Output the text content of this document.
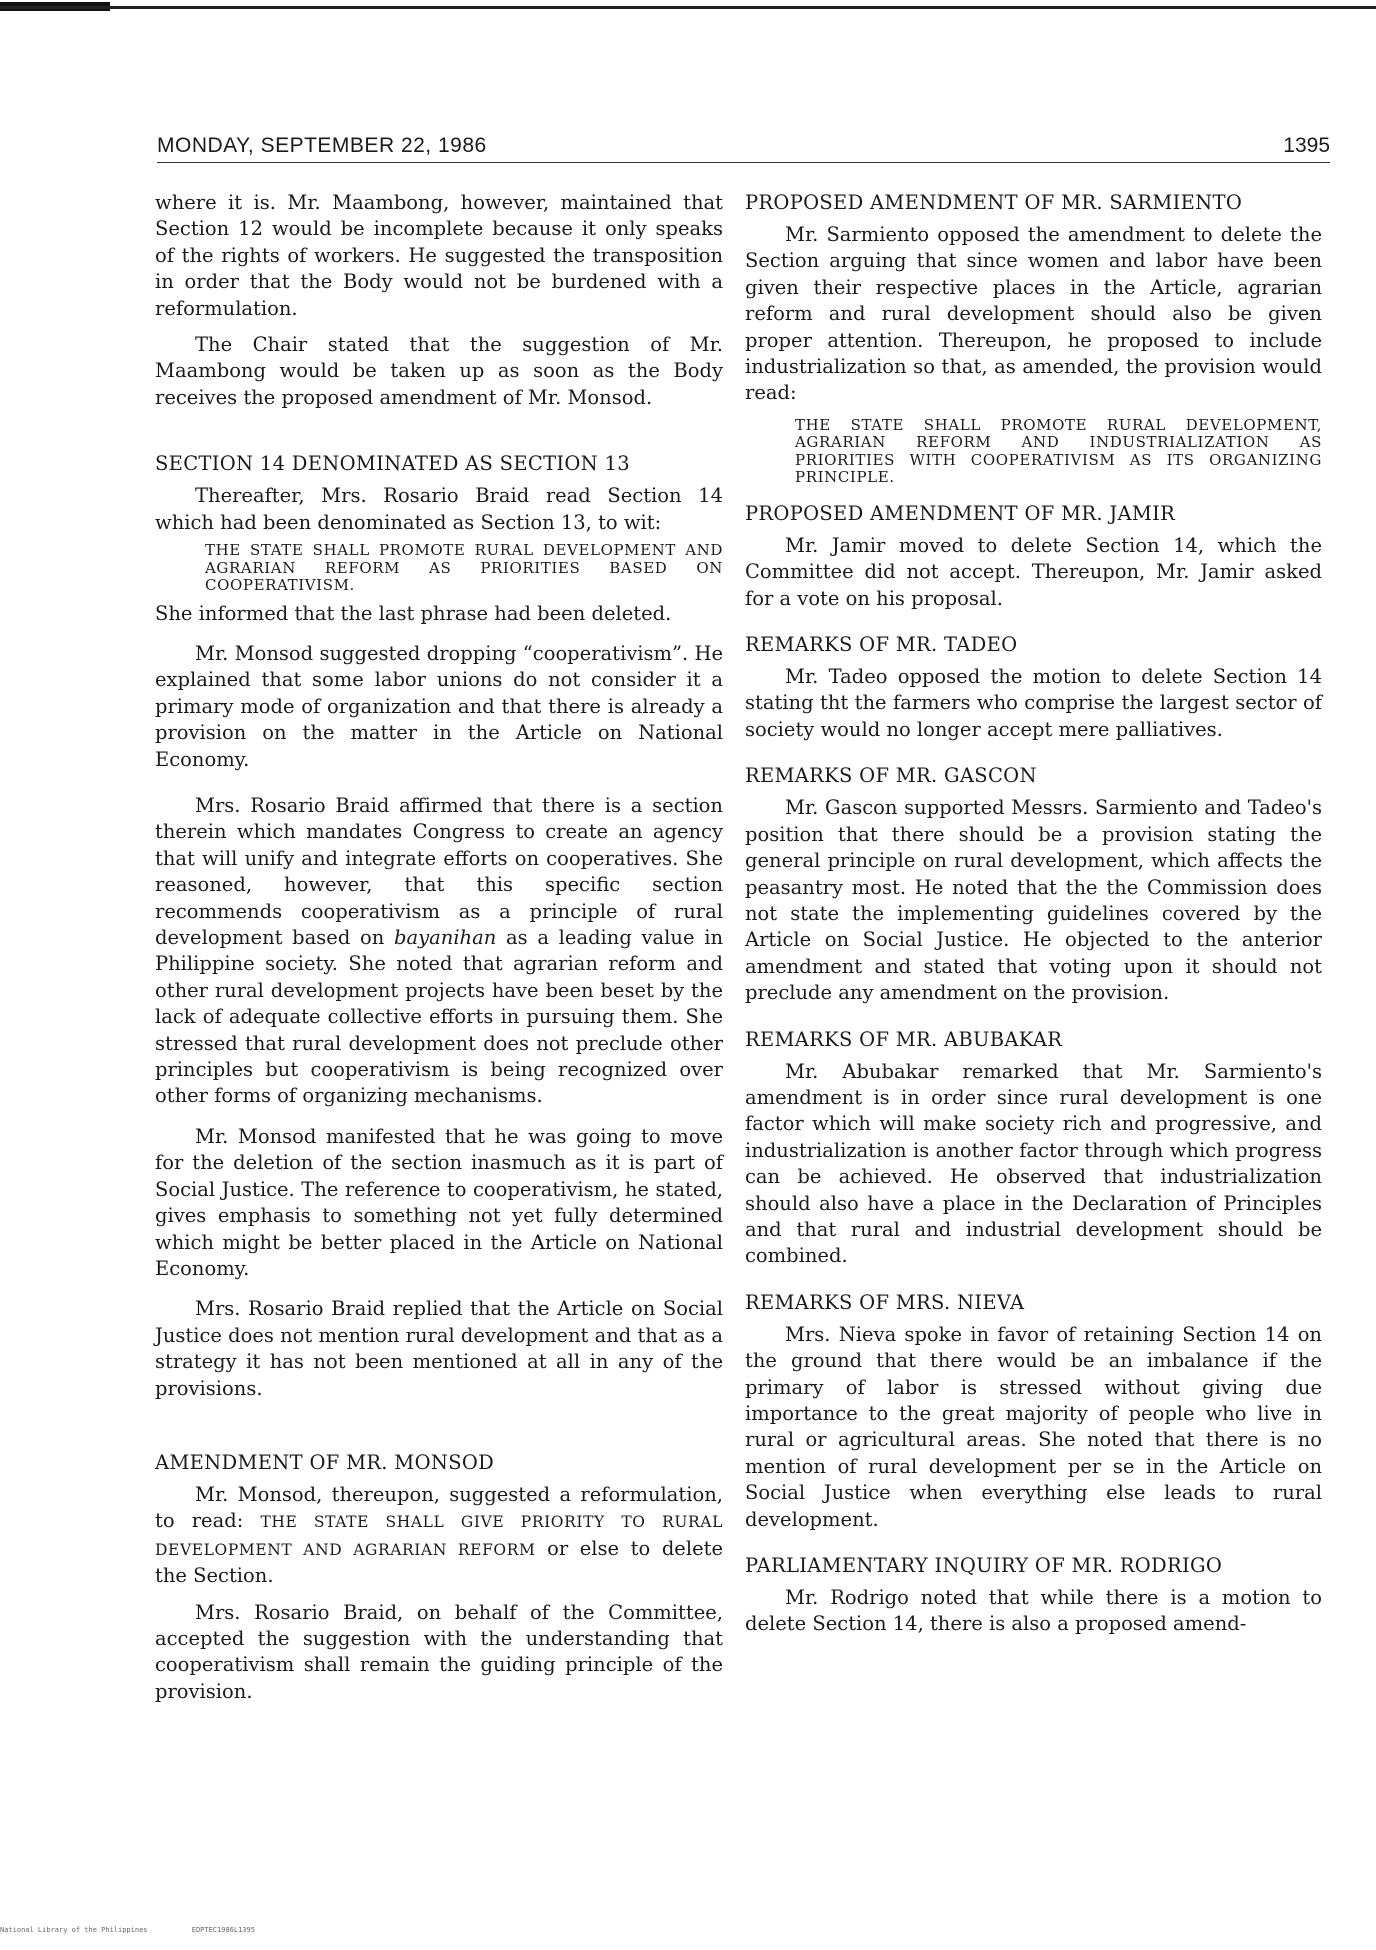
MONDAY, SEPTEMBER 22, 1986	1395

where it is. Mr. Maambong, however, maintained that Section 12 would be incomplete because it only speaks of the rights of workers. He suggested the transposition in order that the Body would not be burdened with a reformulation.

The Chair stated that the suggestion of Mr. Maambong would be taken up as soon as the Body receives the proposed amendment of Mr. Monsod.

SECTION 14 DENOMINATED AS SECTION 13

Thereafter, Mrs. Rosario Braid read Section 14 which had been denominated as Section 13, to wit:

THE STATE SHALL PROMOTE RURAL DEVELOPMENT AND AGRARIAN REFORM AS PRIORITIES BASED ON COOPERATIVISM.

She informed that the last phrase had been deleted.

Mr. Monsod suggested dropping “cooperativism”. He explained that some labor unions do not consider it a primary mode of organization and that there is already a provision on the matter in the Article on National Economy.

Mrs. Rosario Braid affirmed that there is a section therein which mandates Congress to create an agency that will unify and integrate efforts on cooperatives. She reasoned, however, that this specific section recommends cooperativism as a principle of rural development based on bayanihan as a leading value in Philippine society. She noted that agrarian reform and other rural development projects have been beset by the lack of adequate collective efforts in pursuing them. She stressed that rural development does not preclude other principles but cooperativism is being recognized over other forms of organizing mechanisms.

Mr. Monsod manifested that he was going to move for the deletion of the section inasmuch as it is part of Social Justice. The reference to cooperativism, he stated, gives emphasis to something not yet fully determined which might be better placed in the Article on National Economy.

Mrs. Rosario Braid replied that the Article on Social Justice does not mention rural development and that as a strategy it has not been mentioned at all in any of the provisions.

AMENDMENT OF MR. MONSOD

Mr. Monsod, thereupon, suggested a reformulation, to read: THE STATE SHALL GIVE PRIORITY TO RURAL DEVELOPMENT AND AGRARIAN REFORM or else to delete the Section.

Mrs. Rosario Braid, on behalf of the Committee, accepted the suggestion with the understanding that cooperativism shall remain the guiding principle of the provision.

PROPOSED AMENDMENT OF MR. SARMIENTO

Mr. Sarmiento opposed the amendment to delete the Section arguing that since women and labor have been given their respective places in the Article, agrarian reform and rural development should also be given proper attention. Thereupon, he proposed to include industrialization so that, as amended, the provision would read:

THE STATE SHALL PROMOTE RURAL DEVELOPMENT, AGRARIAN REFORM AND INDUSTRIALIZATION AS PRIORITIES WITH COOPERATIVISM AS ITS ORGANIZING PRINCIPLE.

PROPOSED AMENDMENT OF MR. JAMIR

Mr. Jamir moved to delete Section 14, which the Committee did not accept. Thereupon, Mr. Jamir asked for a vote on his proposal.

REMARKS OF MR. TADEO

Mr. Tadeo opposed the motion to delete Section 14 stating tht the farmers who comprise the largest sector of society would no longer accept mere palliatives.

REMARKS OF MR. GASCON

Mr. Gascon supported Messrs. Sarmiento and Tadeo's position that there should be a provision stating the general principle on rural development, which affects the peasantry most. He noted that the the Commission does not state the implementing guidelines covered by the Article on Social Justice. He objected to the anterior amendment and stated that voting upon it should not preclude any amendment on the provision.

REMARKS OF MR. ABUBAKAR

Mr. Abubakar remarked that Mr. Sarmiento's amendment is in order since rural development is one factor which will make society rich and progressive, and industrialization is another factor through which progress can be achieved. He observed that industrialization should also have a place in the Declaration of Principles and that rural and industrial development should be combined.

REMARKS OF MRS. NIEVA

Mrs. Nieva spoke in favor of retaining Section 14 on the ground that there would be an imbalance if the primary of labor is stressed without giving due importance to the great majority of people who live in rural or agricultural areas. She noted that there is no mention of rural development per se in the Article on Social Justice when everything else leads to rural development.

PARLIAMENTARY INQUIRY OF MR. RODRIGO

Mr. Rodrigo noted that while there is a motion to delete Section 14, there is also a proposed amend-

National Library of the Philippines	EDPTEC1986L1395
